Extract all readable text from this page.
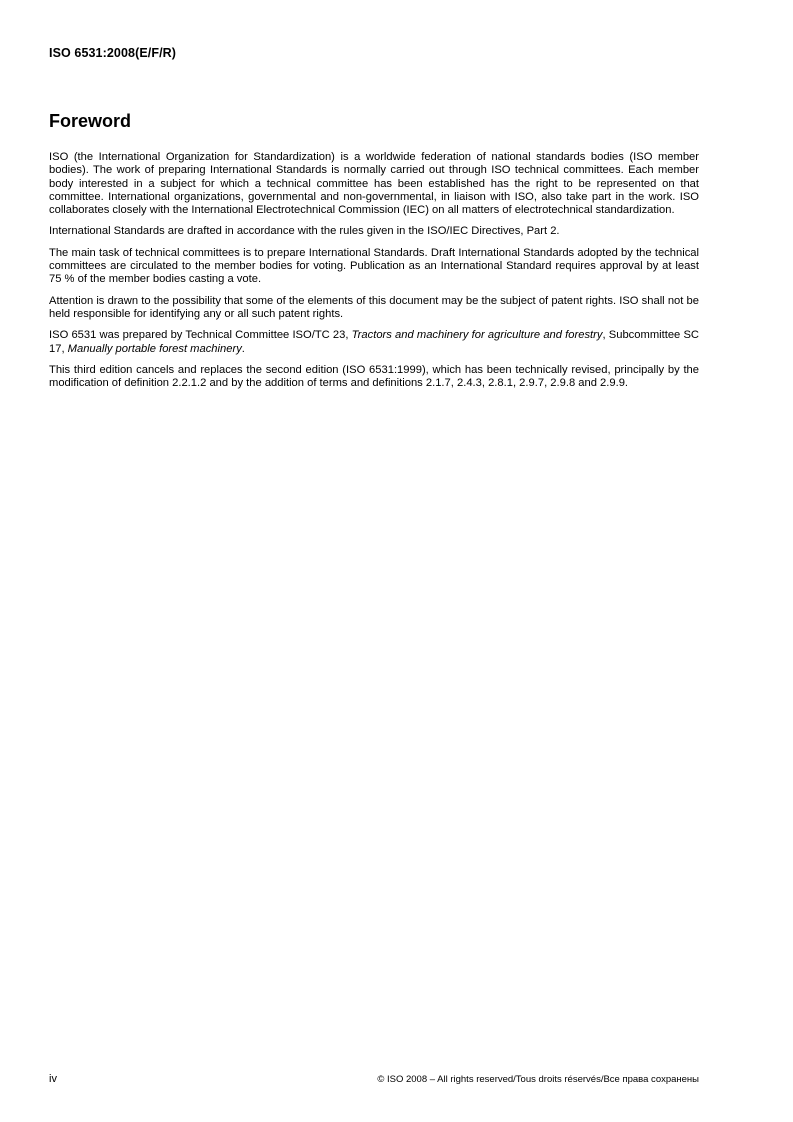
ISO 6531:2008(E/F/R)
Foreword

ISO (the International Organization for Standardization) is a worldwide federation of national standards bodies (ISO member bodies). The work of preparing International Standards is normally carried out through ISO technical committees. Each member body interested in a subject for which a technical committee has been established has the right to be represented on that committee. International organizations, governmental and non-governmental, in liaison with ISO, also take part in the work. ISO collaborates closely with the International Electrotechnical Commission (IEC) on all matters of electrotechnical standardization.

International Standards are drafted in accordance with the rules given in the ISO/IEC Directives, Part 2.

The main task of technical committees is to prepare International Standards. Draft International Standards adopted by the technical committees are circulated to the member bodies for voting. Publication as an International Standard requires approval by at least 75 % of the member bodies casting a vote.

Attention is drawn to the possibility that some of the elements of this document may be the subject of patent rights. ISO shall not be held responsible for identifying any or all such patent rights.

ISO 6531 was prepared by Technical Committee ISO/TC 23, Tractors and machinery for agriculture and forestry, Subcommittee SC 17, Manually portable forest machinery.

This third edition cancels and replaces the second edition (ISO 6531:1999), which has been technically revised, principally by the modification of definition 2.2.1.2 and by the addition of terms and definitions 2.1.7, 2.4.3, 2.8.1, 2.9.7, 2.9.8 and 2.9.9.

iv	© ISO 2008 – All rights reserved/Tous droits réservés/Все права сохранены
